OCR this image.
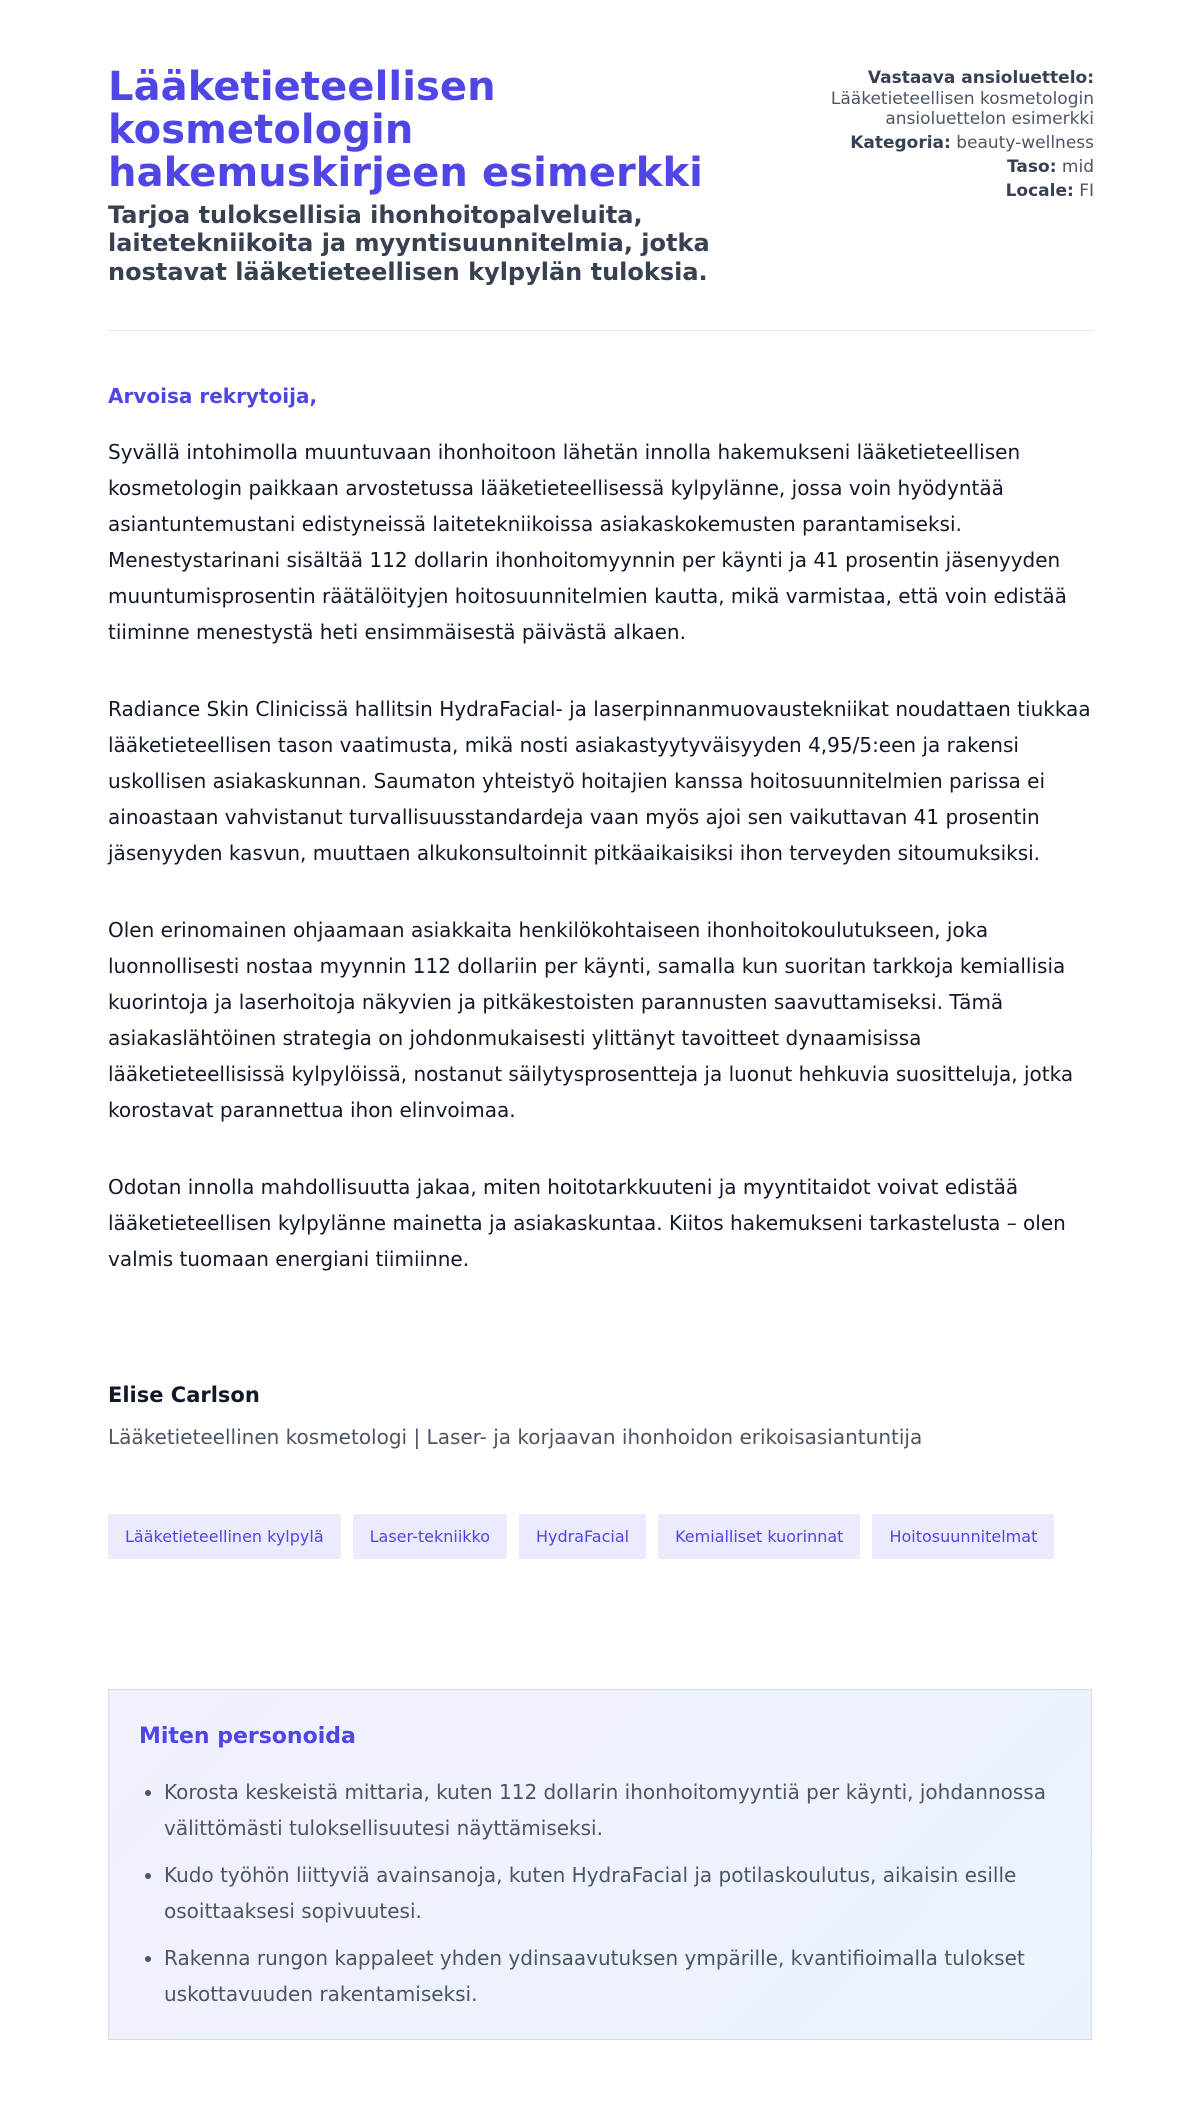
Lääketieteellisen kosmetologin hakemuskirjeen esimerkki
Tarjoa tuloksellisia ihonhoitopalveluita, laitetekniikoita ja myyntisuunnitelmia, jotka nostavat lääketieteellisen kylpylän tuloksia.
Vastaava ansioluettelo:
Lääketieteellisen kosmetologin ansioluettelon esimerkki
Kategoria: beauty-wellness
Taso: mid
Locale: FI
Arvoisa rekrytoija,

Syvällä intohimolla muuntuvaan ihonhoitoon lähetän innolla hakemukseni lääketieteellisen kosmetologin paikkaan arvostetussa lääketieteellisessä kylpylänne, jossa voin hyödyntää asiantuntemustani edistyneissä laitetekniikoissa asiakaskokemusten parantamiseksi. Menestystarinani sisältää 112 dollarin ihonhoitomyynnin per käynti ja 41 prosentin jäsenyyden muuntumisprosentin räätälöityjen hoitosuunnitelmien kautta, mikä varmistaa, että voin edistää tiiminne menestystä heti ensimmäisestä päivästä alkaen.

Radiance Skin Clinicissä hallitsin HydraFacial- ja laserpinnanmuovaustekniikat noudattaen tiukkaa lääketieteellisen tason vaatimusta, mikä nosti asiakastyytyväisyyden 4,95/5:een ja rakensi uskollisen asiakaskunnan. Saumaton yhteistyö hoitajien kanssa hoitosuunnitelmien parissa ei ainoastaan vahvistanut turvallisuusstandardeja vaan myös ajoi sen vaikuttavan 41 prosentin jäsenyyden kasvun, muuttaen alkukonsultoinnit pitkäaikaisiksi ihon terveyden sitoumuksiksi.

Olen erinomainen ohjaamaan asiakkaita henkilökohtaiseen ihonhoitokoulutukseen, joka luonnollisesti nostaa myynnin 112 dollariin per käynti, samalla kun suoritan tarkkoja kemiallisia kuorintoja ja laserhoitoja näkyvien ja pitkäkestoisten parannusten saavuttamiseksi. Tämä asiakaslähtöinen strategia on johdonmukaisesti ylittänyt tavoitteet dynaamisissa lääketieteellisissä kylpylöissä, nostanut säilytysprosentteja ja luonut hehkuvia suositteluja, jotka korostavat parannettua ihon elinvoimaa.

Odotan innolla mahdollisuutta jakaa, miten hoitotarkkuuteni ja myyntitaidot voivat edistää lääketieteellisen kylpylänne mainetta ja asiakaskuntaa. Kiitos hakemukseni tarkastelusta – olen valmis tuomaan energiani tiimiinne.

Elise Carlson
Lääketieteellinen kosmetologi | Laser- ja korjaavan ihonhoidon erikoisasiantuntija
Lääketieteellinen kylpylä	Laser-tekniikko	HydraFacial	Kemialliset kuorinnat	Hoitosuunnitelmat
Miten personoida
• Korosta keskeistä mittaria, kuten 112 dollarin ihonhoitomyyntiä per käynti, johdannossa välittömästi tuloksellisuutesi näyttämiseksi.
• Kudo työhön liittyviä avainsanoja, kuten HydraFacial ja potilaskoulutus, aikaisin esille osoittaaksesi sopivuutesi.
• Rakenna rungon kappaleet yhden ydinsaavutuksen ympärille, kvantifioimalla tulokset uskottavuuden rakentamiseksi.
